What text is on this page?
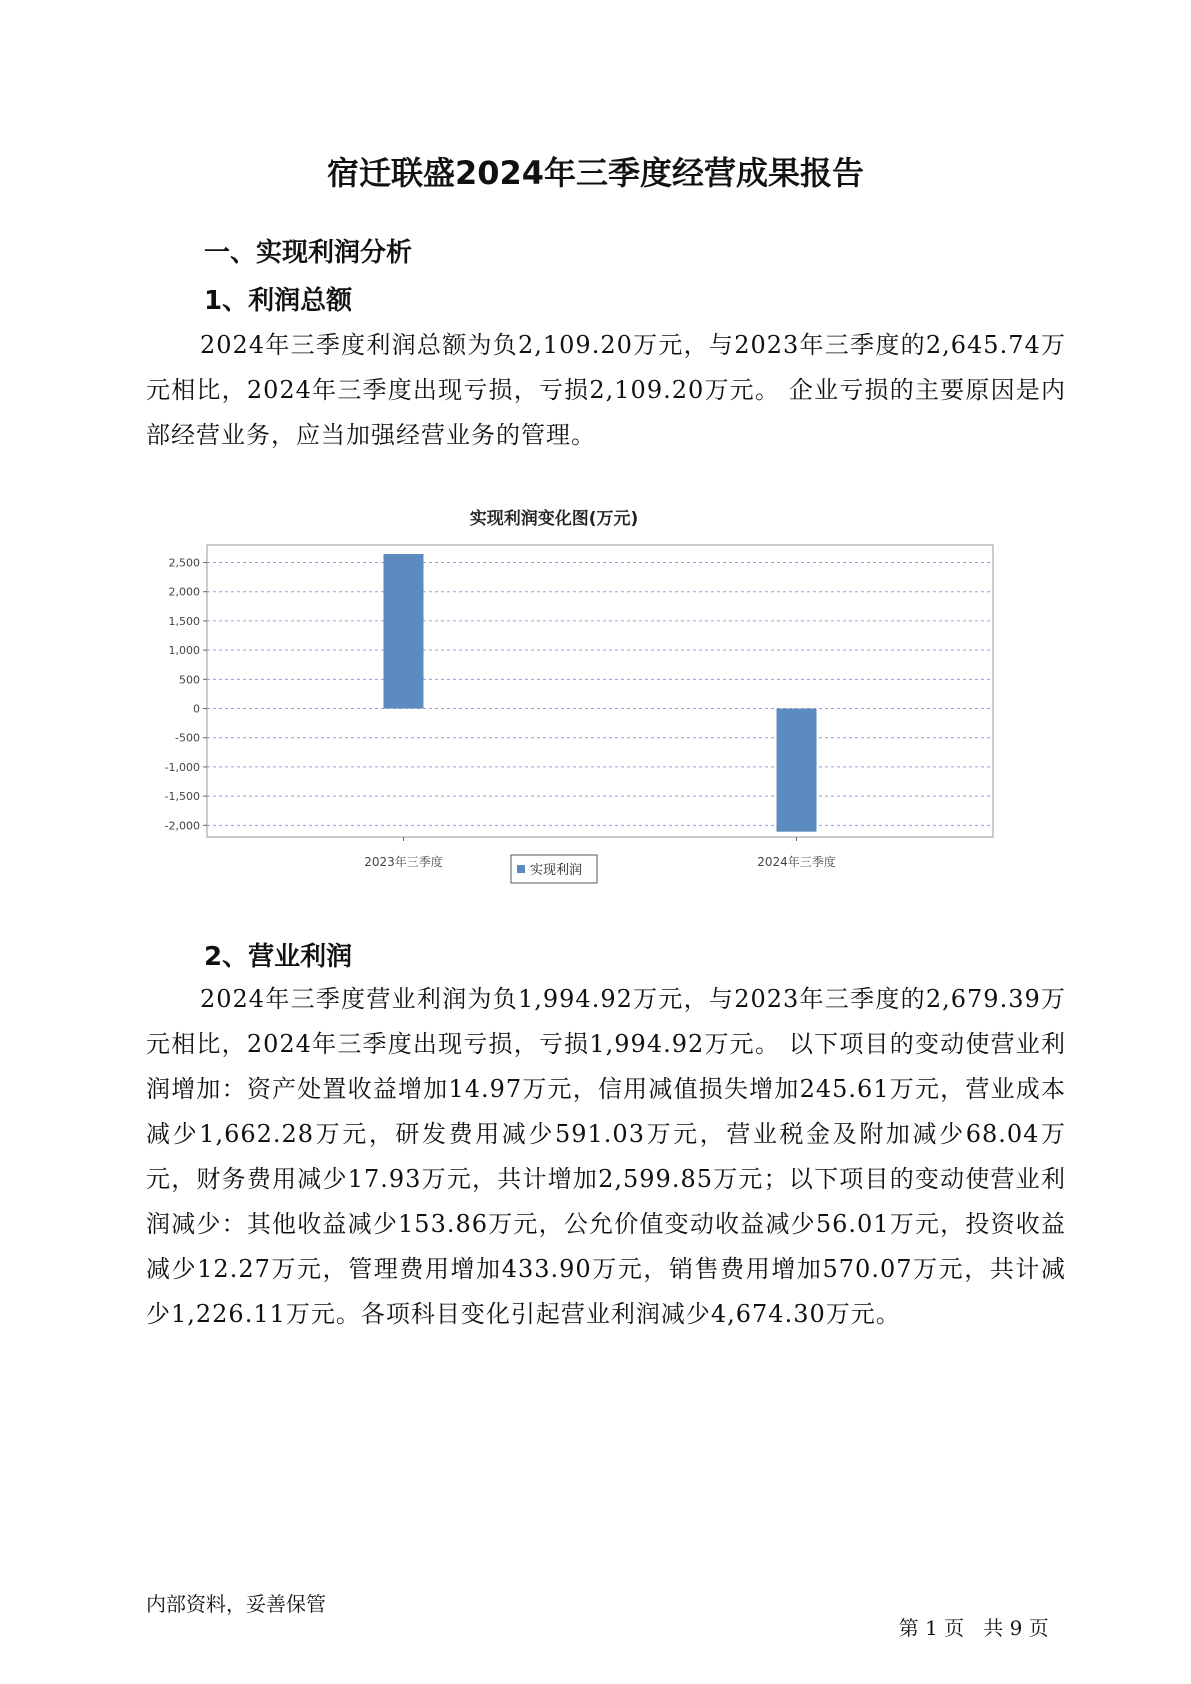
宿迁联盛2024年三季度经营成果报告
一、实现利润分析
1、利润总额
2024年三季度利润总额为负2,109.20万元，与2023年三季度的2,645.74万元相比，2024年三季度出现亏损，亏损2,109.20万元。 企业亏损的主要原因是内部经营业务，应当加强经营业务的管理。
实现利润变化图(万元)
2,500
2,000
1,500
1,000
500
0
-500
-1,000
-1,500
-2,000
2023年三季度	2024年三季度
实现利润
2、营业利润
2024年三季度营业利润为负1,994.92万元，与2023年三季度的2,679.39万元相比，2024年三季度出现亏损，亏损1,994.92万元。 以下项目的变动使营业利润增加：资产处置收益增加14.97万元，信用减值损失增加245.61万元，营业成本减少1,662.28万元，研发费用减少591.03万元，营业税金及附加减少68.04万元，财务费用减少17.93万元，共计增加2,599.85万元；以下项目的变动使营业利润减少：其他收益减少153.86万元，公允价值变动收益减少56.01万元，投资收益减少12.27万元，管理费用增加433.90万元，销售费用增加570.07万元，共计减少1,226.11万元。各项科目变化引起营业利润减少4,674.30万元。
内部资料，妥善保管

第 1 页 共 9 页
